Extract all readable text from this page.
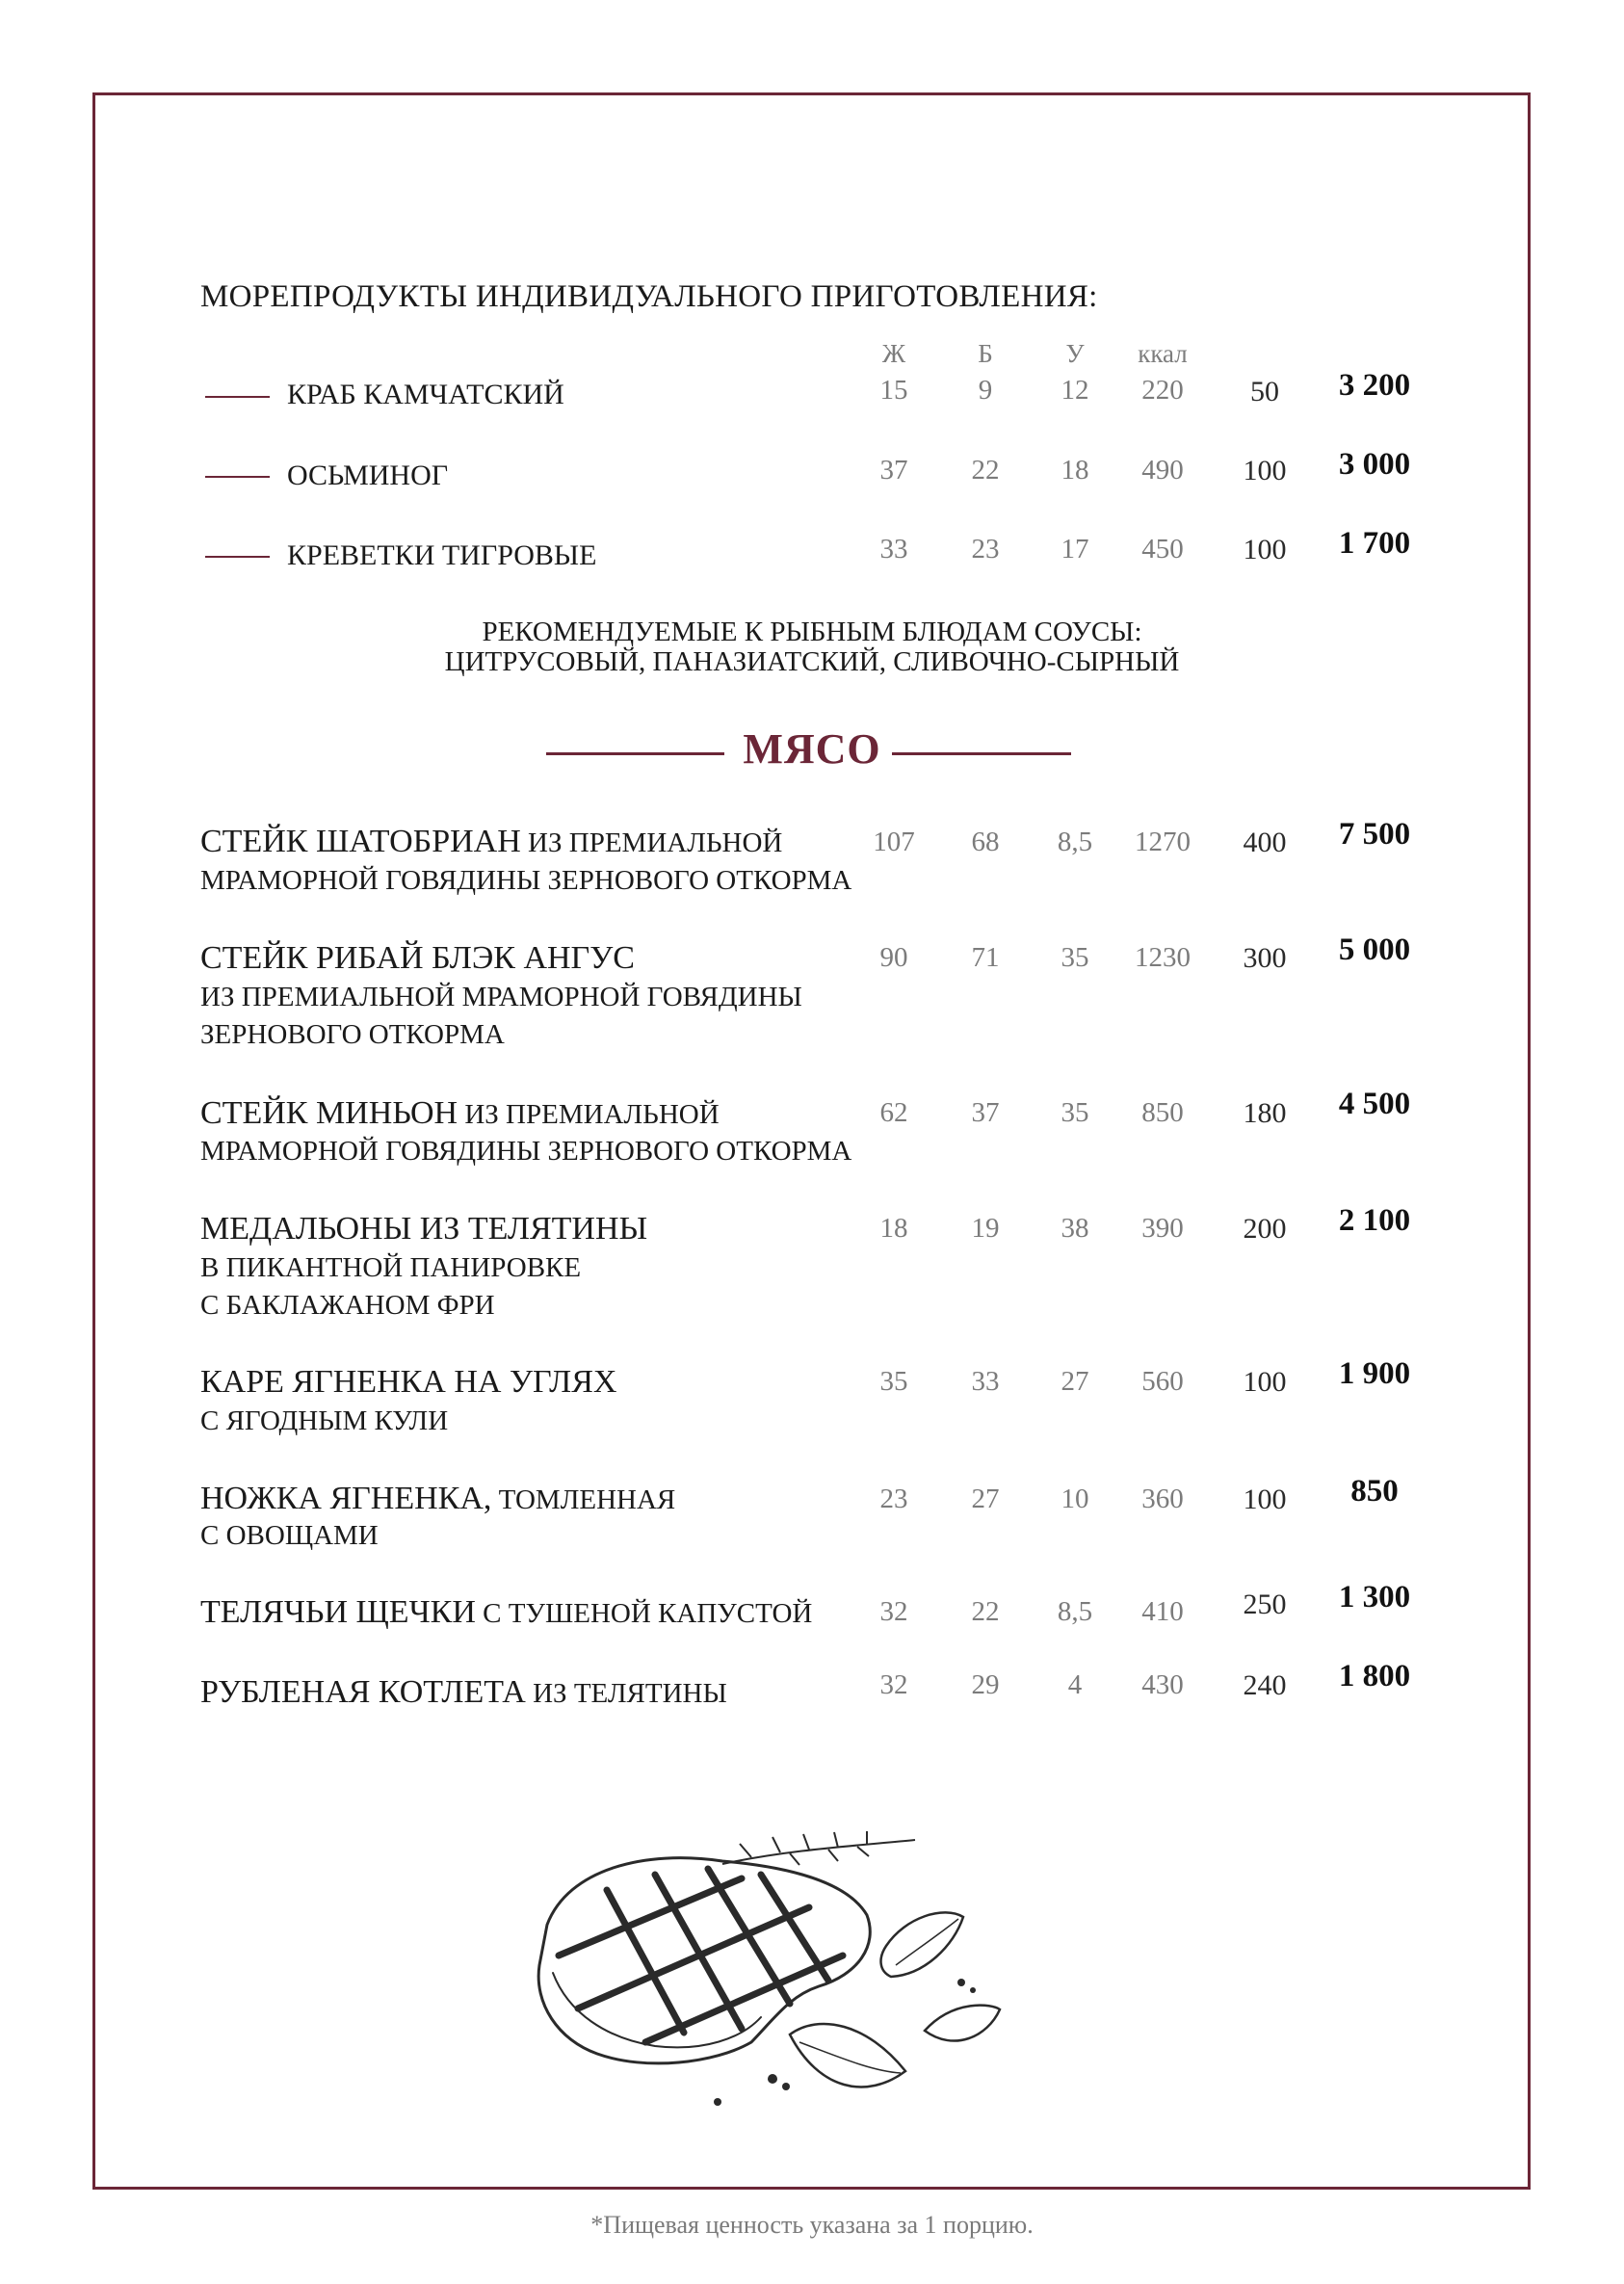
МОРЕПРОДУКТЫ ИНДИВИДУАЛЬНОГО ПРИГОТОВЛЕНИЯ:
Ж	Б	У	ккал
КРАБ КАМЧАТСКИЙ	15	9	12	220	50	3 200
ОСЬМИНОГ	37	22	18	490	100	3 000
КРЕВЕТКИ ТИГРОВЫЕ	33	23	17	450	100	1 700
РЕКОМЕНДУЕМЫЕ К РЫБНЫМ БЛЮДАМ СОУСЫ:
ЦИТРУСОВЫЙ, ПАНАЗИАТСКИЙ, СЛИВОЧНО-СЫРНЫЙ
МЯСО
СТЕЙК ШАТОБРИАН ИЗ ПРЕМИАЛЬНОЙ
МРАМОРНОЙ ГОВЯДИНЫ ЗЕРНОВОГО ОТКОРМА
107	68	8,5	1270	400	7 500
СТЕЙК РИБАЙ БЛЭК АНГУС
ИЗ ПРЕМИАЛЬНОЙ МРАМОРНОЙ ГОВЯДИНЫ
ЗЕРНОВОГО ОТКОРМА
90	71	35	1230	300	5 000
СТЕЙК МИНЬОН ИЗ ПРЕМИАЛЬНОЙ
МРАМОРНОЙ ГОВЯДИНЫ ЗЕРНОВОГО ОТКОРМА
62	37	35	850	180	4 500
МЕДАЛЬОНЫ ИЗ ТЕЛЯТИНЫ
В ПИКАНТНОЙ ПАНИРОВКЕ
С БАКЛАЖАНОМ ФРИ
18	19	38	390	200	2 100
КАРЕ ЯГНЕНКА НА УГЛЯХ
С ЯГОДНЫМ КУЛИ
35	33	27	560	100	1 900
НОЖКА ЯГНЕНКА, ТОМЛЕННАЯ
С ОВОЩАМИ
23	27	10	360	100	850
ТЕЛЯЧЬИ ЩЕЧКИ С ТУШЕНОЙ КАПУСТОЙ	32	22	8,5	410	250	1 300
РУБЛЕНАЯ КОТЛЕТА ИЗ ТЕЛЯТИНЫ	32	29	4	430	240	1 800
*Пищевая ценность указана за 1 порцию.
